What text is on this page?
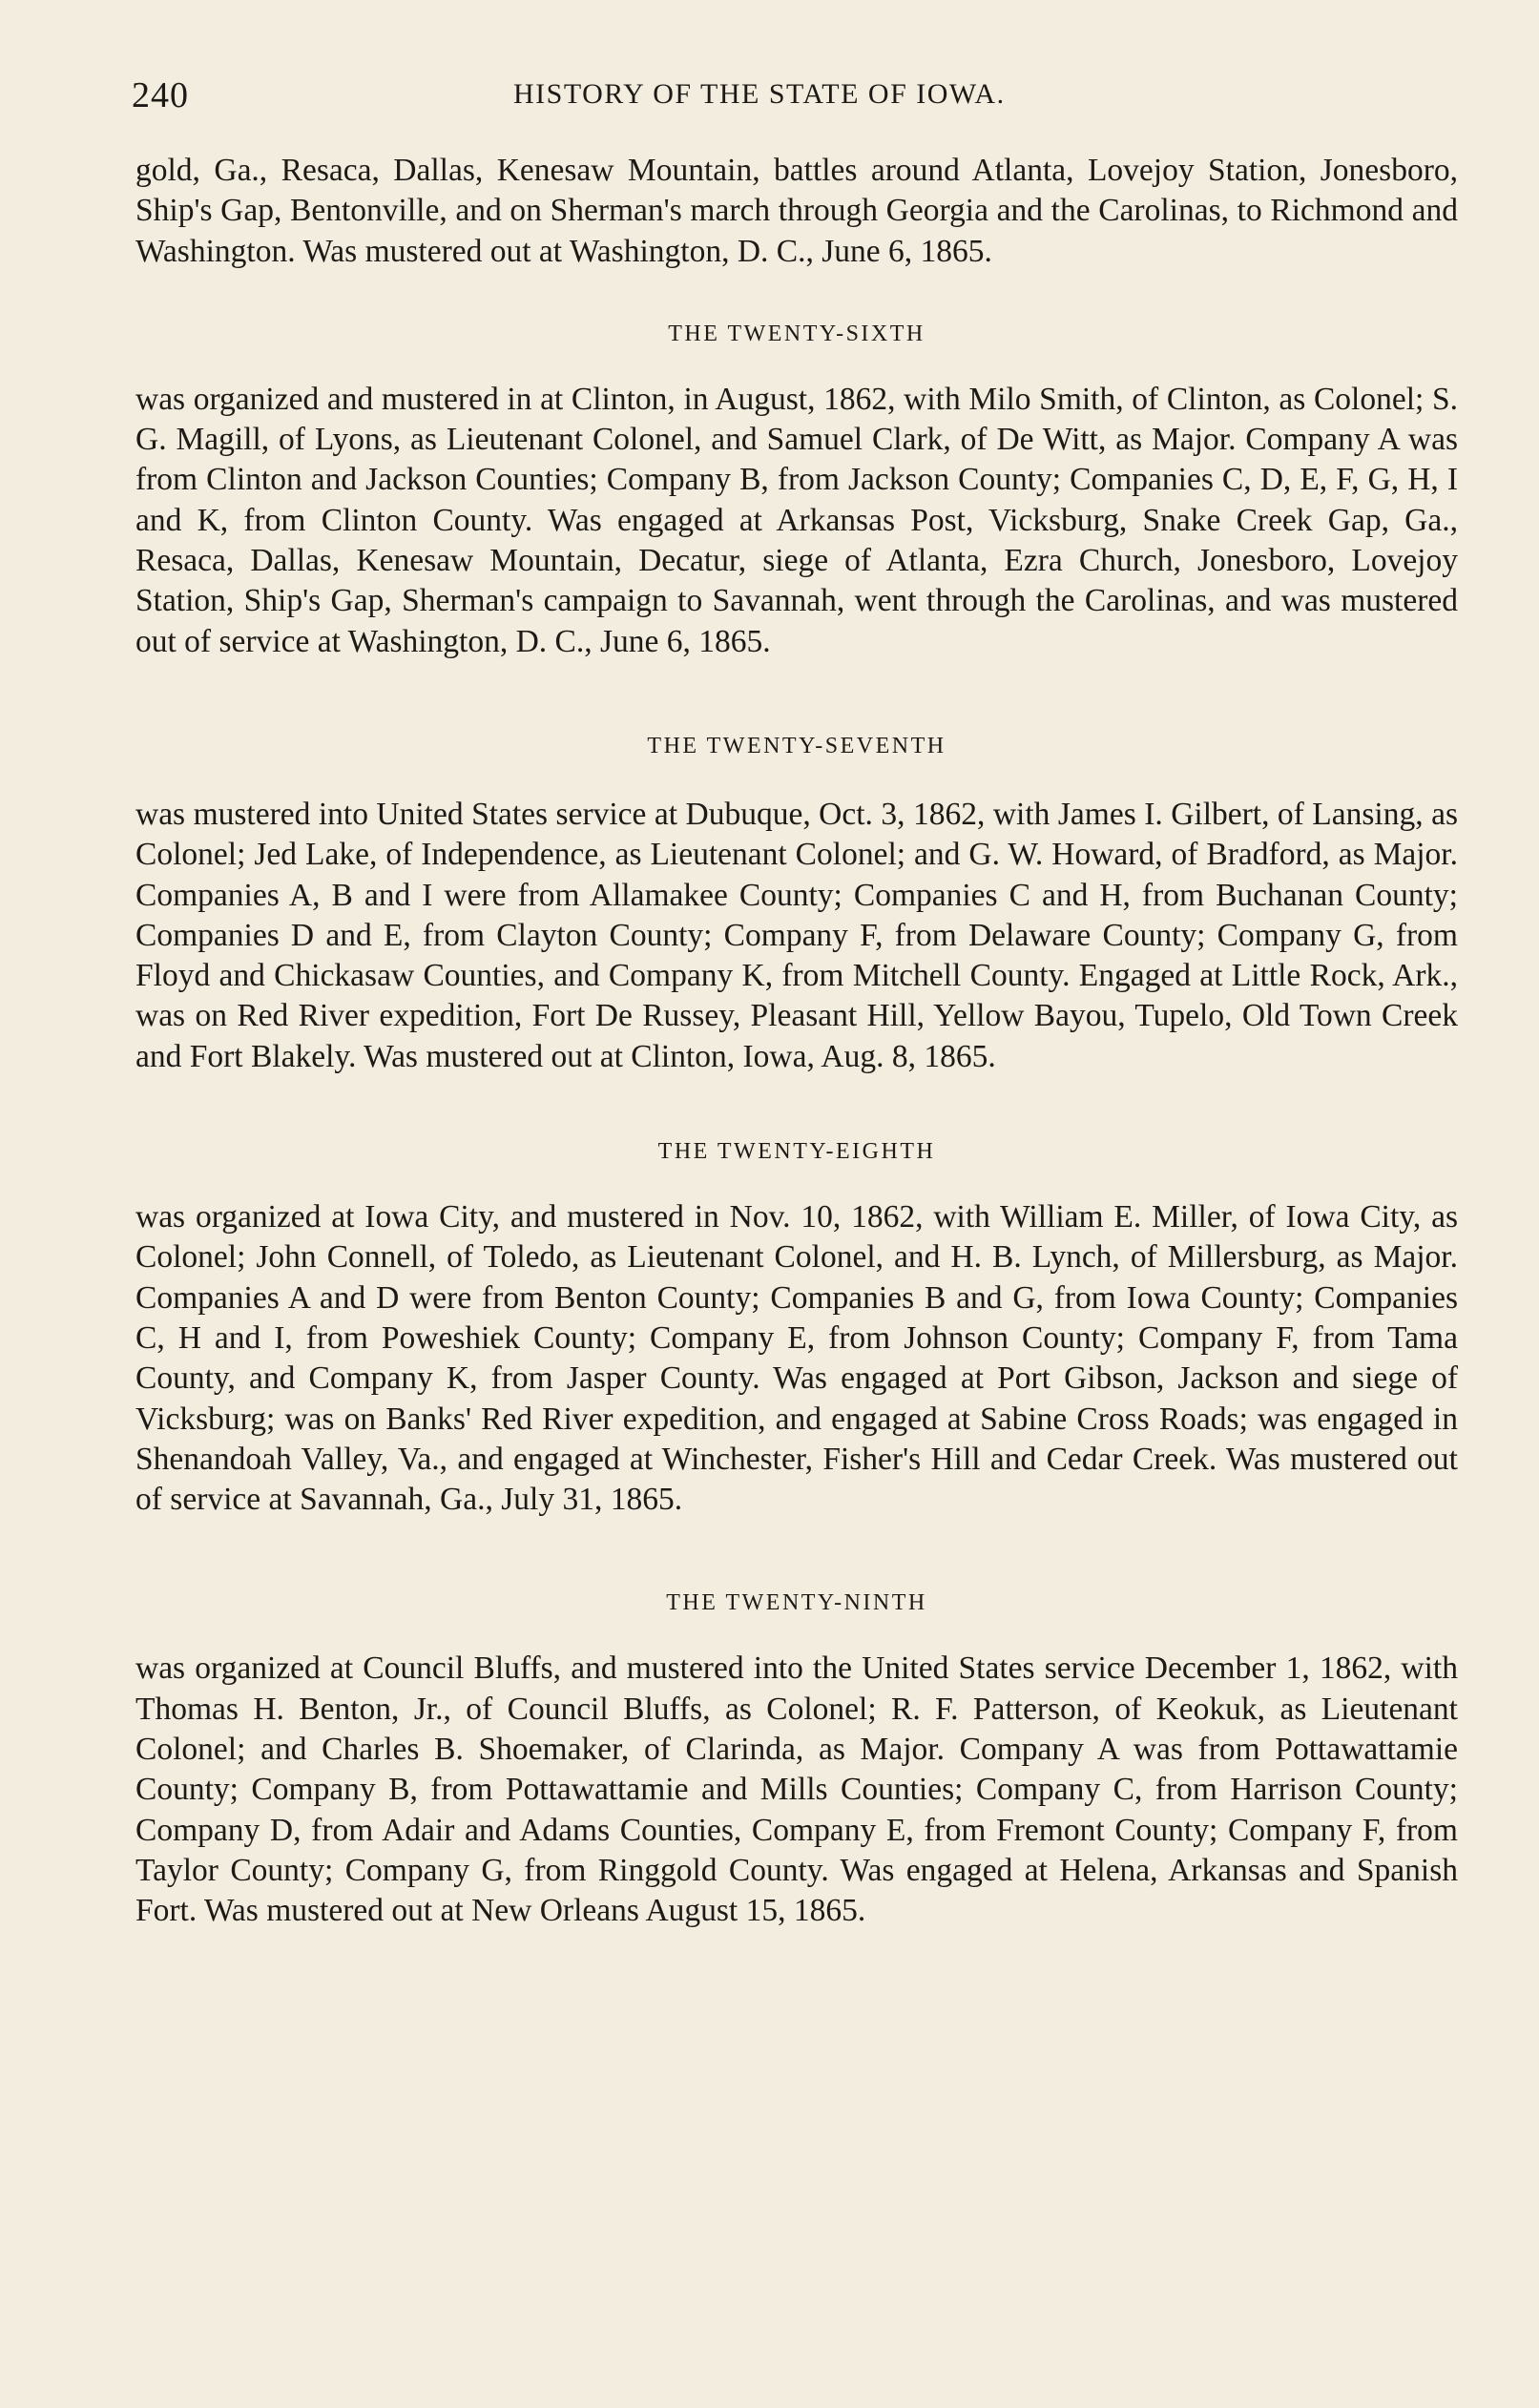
240	HISTORY OF THE STATE OF IOWA.

gold, Ga., Resaca, Dallas, Kenesaw Mountain, battles around Atlanta, Lovejoy Station, Jonesboro, Ship's Gap, Bentonville, and on Sherman's march through Georgia and the Carolinas, to Richmond and Washington. Was mustered out at Washington, D. C., June 6, 1865.

THE TWENTY-SIXTH

was organized and mustered in at Clinton, in August, 1862, with Milo Smith, of Clinton, as Colonel; S. G. Magill, of Lyons, as Lieutenant Colonel, and Samuel Clark, of De Witt, as Major. Company A was from Clinton and Jackson Counties; Company B, from Jackson County; Companies C, D, E, F, G, H, I and K, from Clinton County. Was engaged at Arkansas Post, Vicksburg, Snake Creek Gap, Ga., Resaca, Dallas, Kenesaw Mountain, Decatur, siege of Atlanta, Ezra Church, Jonesboro, Lovejoy Station, Ship's Gap, Sherman's campaign to Savannah, went through the Carolinas, and was mustered out of service at Washington, D. C., June 6, 1865.

THE TWENTY-SEVENTH

was mustered into United States service at Dubuque, Oct. 3, 1862, with James I. Gilbert, of Lansing, as Colonel; Jed Lake, of Independence, as Lieutenant Colonel; and G. W. Howard, of Bradford, as Major. Companies A, B and I were from Allamakee County; Companies C and H, from Buchanan County; Companies D and E, from Clayton County; Company F, from Delaware County; Company G, from Floyd and Chickasaw Counties, and Company K, from Mitchell County. Engaged at Little Rock, Ark., was on Red River expedition, Fort De Russey, Pleasant Hill, Yellow Bayou, Tupelo, Old Town Creek and Fort Blakely. Was mustered out at Clinton, Iowa, Aug. 8, 1865.

THE TWENTY-EIGHTH

was organized at Iowa City, and mustered in Nov. 10, 1862, with William E. Miller, of Iowa City, as Colonel; John Connell, of Toledo, as Lieutenant Colonel, and H. B. Lynch, of Millersburg, as Major. Companies A and D were from Benton County; Companies B and G, from Iowa County; Companies C, H and I, from Poweshiek County; Company E, from Johnson County; Company F, from Tama County, and Company K, from Jasper County. Was engaged at Port Gibson, Jackson and siege of Vicksburg; was on Banks' Red River expedition, and engaged at Sabine Cross Roads; was engaged in Shenandoah Valley, Va., and engaged at Winchester, Fisher's Hill and Cedar Creek. Was mustered out of service at Savannah, Ga., July 31, 1865.

THE TWENTY-NINTH

was organized at Council Bluffs, and mustered into the United States service December 1, 1862, with Thomas H. Benton, Jr., of Council Bluffs, as Colonel; R. F. Patterson, of Keokuk, as Lieutenant Colonel; and Charles B. Shoemaker, of Clarinda, as Major. Company A was from Pottawattamie County; Company B, from Pottawattamie and Mills Counties; Company C, from Harrison County; Company D, from Adair and Adams Counties, Company E, from Fremont County; Company F, from Taylor County; Company G, from Ringgold County. Was engaged at Helena, Arkansas and Spanish Fort. Was mustered out at New Orleans August 15, 1865.
